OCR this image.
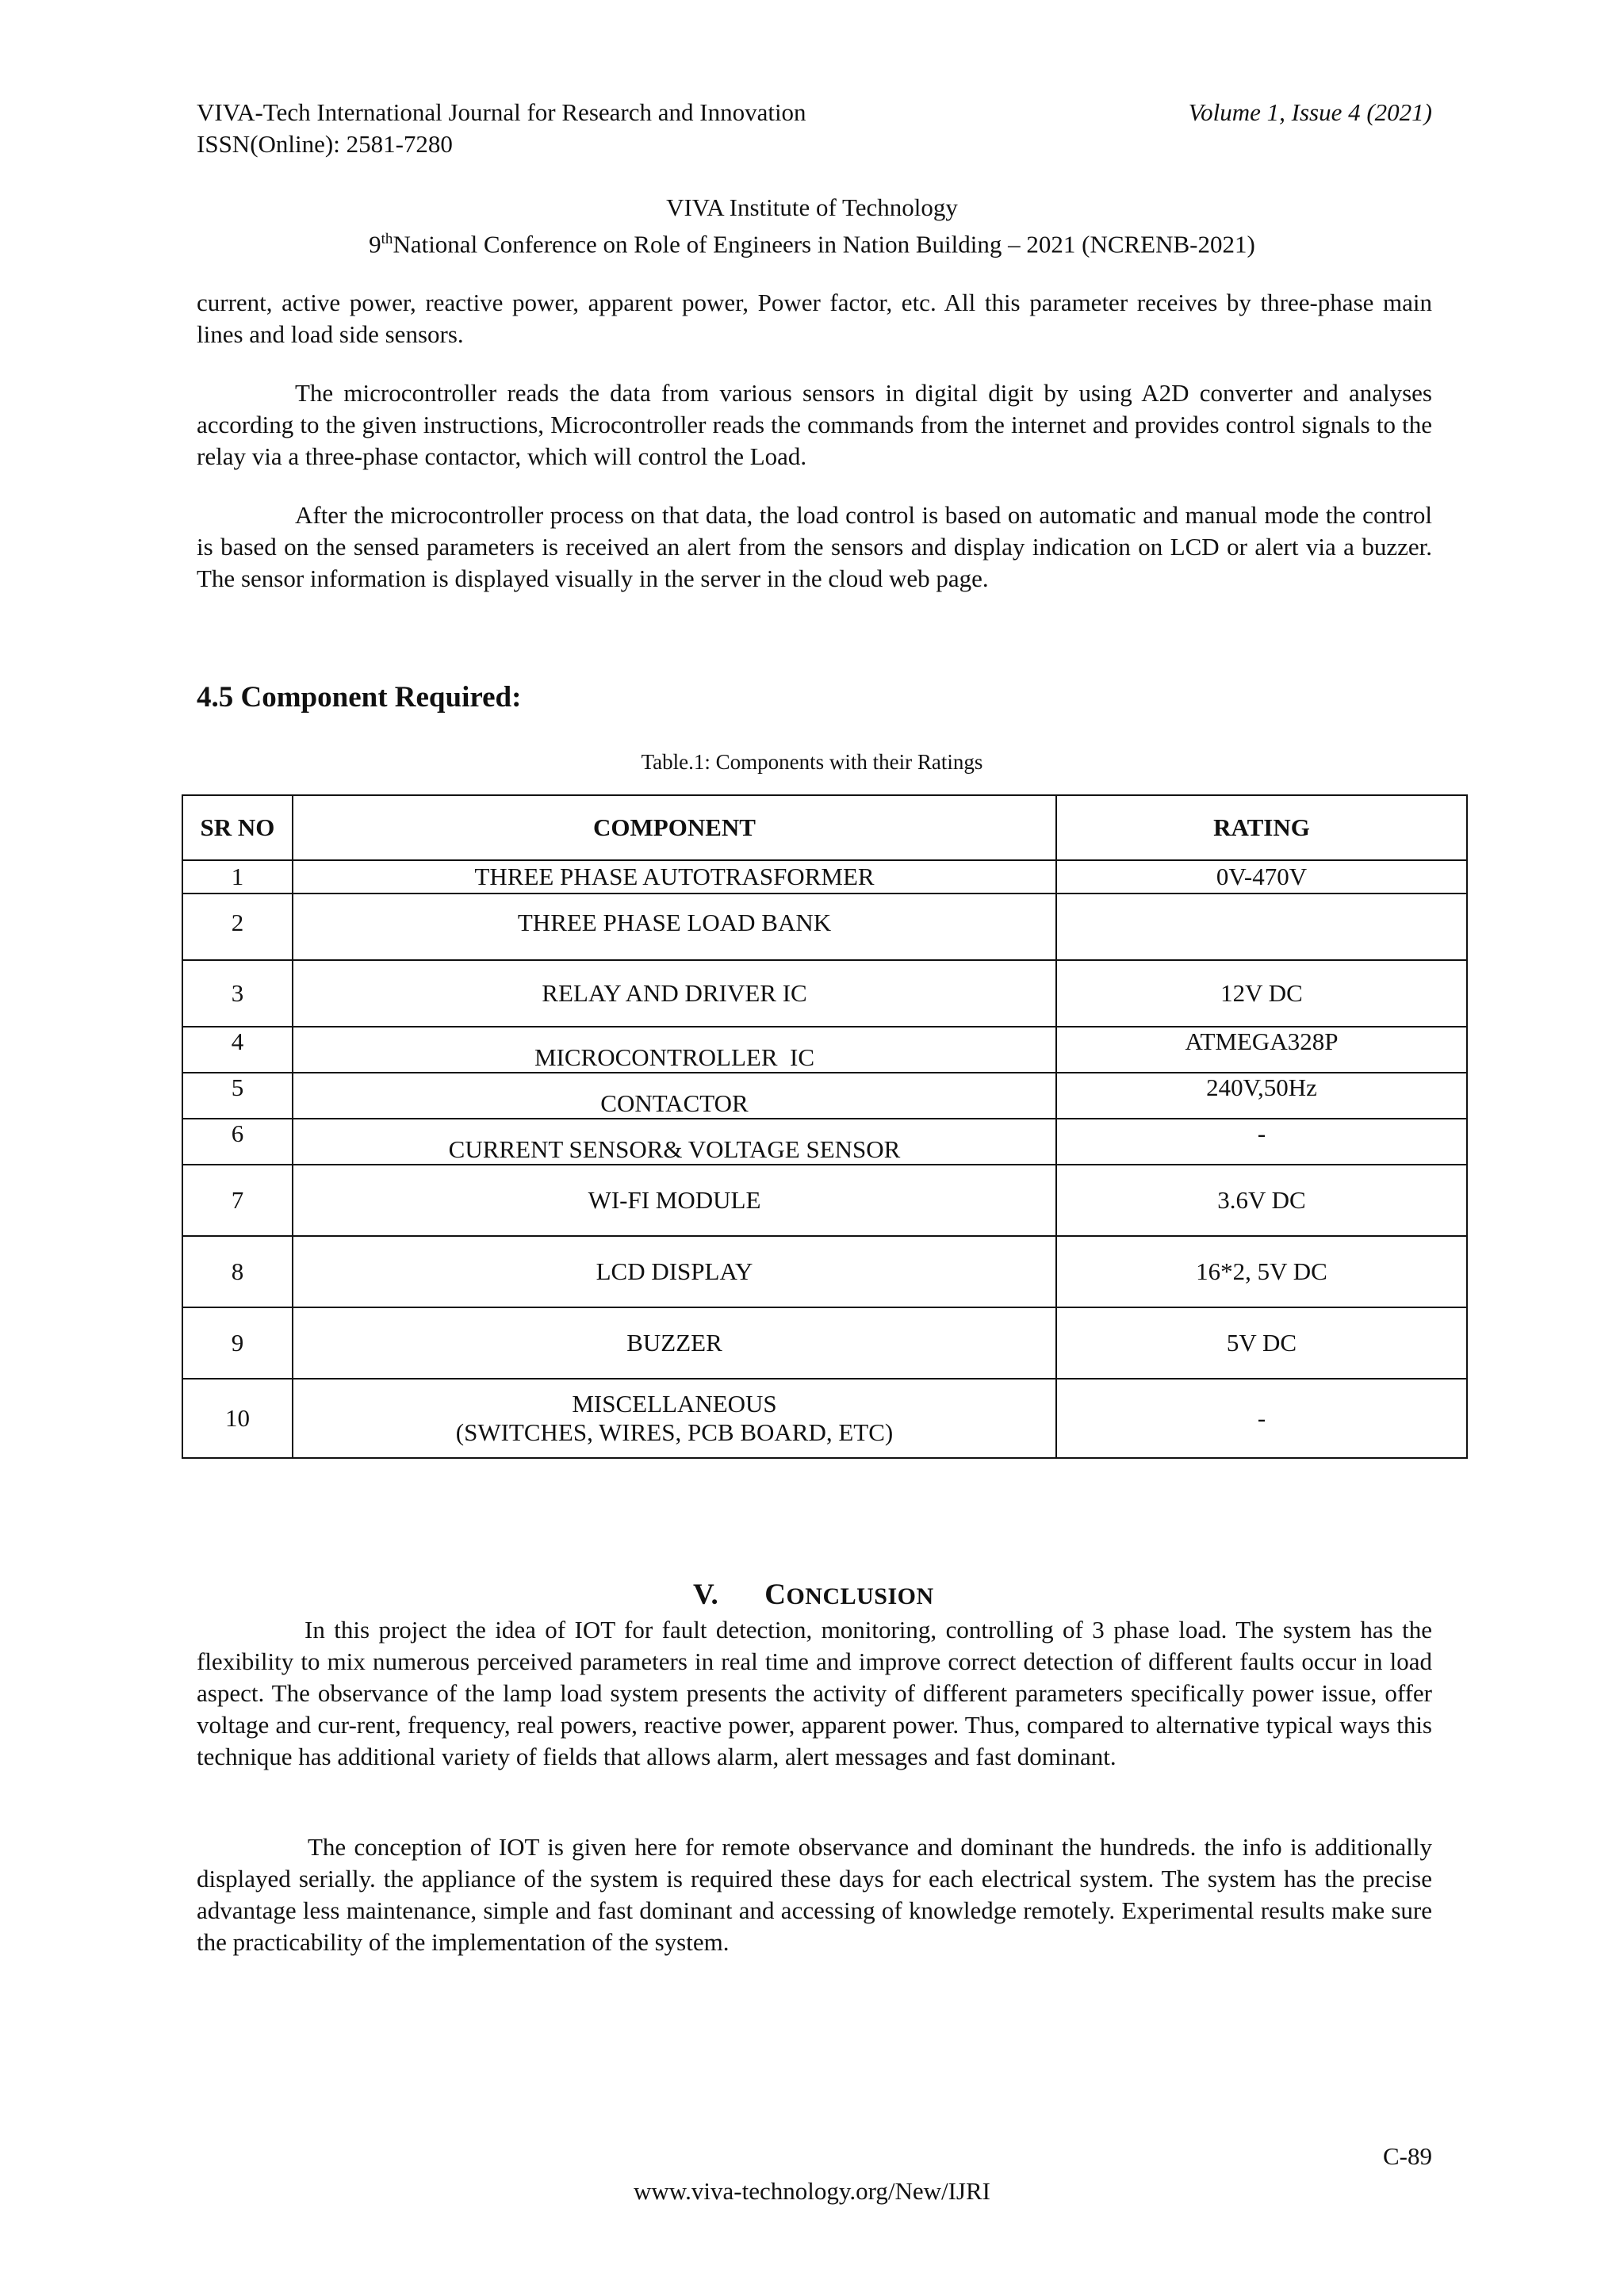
VIVA-Tech International Journal for Research and Innovation	Volume 1, Issue 4 (2021)
ISSN(Online): 2581-7280
VIVA Institute of Technology
9thNational Conference on Role of Engineers in Nation Building – 2021 (NCRENB-2021)

current, active power, reactive power, apparent power, Power factor, etc. All this parameter receives by three-phase main lines and load side sensors.

The microcontroller reads the data from various sensors in digital digit by using A2D converter and analyses according to the given instructions, Microcontroller reads the commands from the internet and provides control signals to the relay via a three-phase contactor, which will control the Load.

After the microcontroller process on that data, the load control is based on automatic and manual mode the control is based on the sensed parameters is received an alert from the sensors and display indication on LCD or alert via a buzzer. The sensor information is displayed visually in the server in the cloud web page.

4.5 Component Required:
Table.1: Components with their Ratings
SR NO	COMPONENT	RATING
1	THREE PHASE AUTOTRASFORMER	0V-470V
2	THREE PHASE LOAD BANK	
3	RELAY AND DRIVER IC	12V DC
4	MICROCONTROLLER  IC	ATMEGA328P
5	CONTACTOR	240V,50Hz
6	CURRENT SENSOR& VOLTAGE SENSOR	-
7	WI-FI MODULE	3.6V DC
8	LCD DISPLAY	16*2, 5V DC
9	BUZZER	5V DC
10	MISCELLANEOUS
(SWITCHES, WIRES, PCB BOARD, ETC)	-
V. CONCLUSION

In this project the idea of IOT for fault detection, monitoring, controlling of 3 phase load. The system has the flexibility to mix numerous perceived parameters in real time and improve correct detection of different faults occur in load aspect. The observance of the lamp load system presents the activity of different parameters specifically power issue, offer voltage and cur-rent, frequency, real powers, reactive power, apparent power. Thus, compared to alternative typical ways this technique has additional variety of fields that allows alarm, alert messages and fast dominant.

The conception of IOT is given here for remote observance and dominant the hundreds. the info is additionally displayed serially. the appliance of the system is required these days for each electrical system. The system has the precise advantage less maintenance, simple and fast dominant and accessing of knowledge remotely. Experimental results make sure the practicability of the implementation of the system.

C-89
www.viva-technology.org/New/IJRI
